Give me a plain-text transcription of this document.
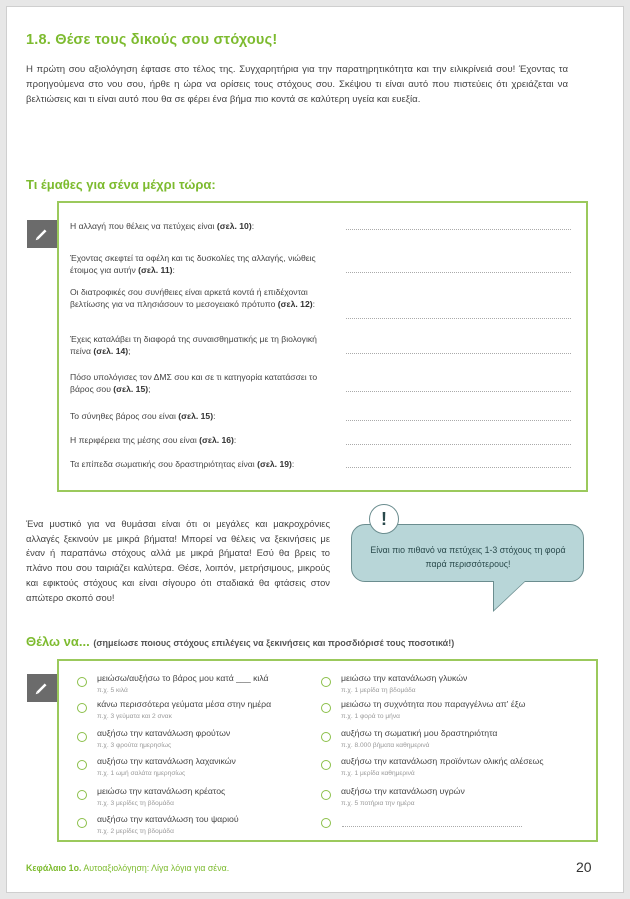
1.8. Θέσε τους δικούς σου στόχους!
Η πρώτη σου αξιολόγηση έφτασε στο τέλος της. Συγχαρητήρια για την παρατηρητικότητα και την ειλικρίνειά σου! Έχοντας τα προηγούμενα στο νου σου, ήρθε η ώρα να ορίσεις τους στόχους σου. Σκέψου τι είναι αυτό που πιστεύεις ότι χρειάζεται να βελτιώσεις και τι είναι αυτό που θα σε φέρει ένα βήμα πιο κοντά σε καλύτερη υγεία και ευεξία.
Τι έμαθες για σένα μέχρι τώρα:
Η αλλαγή που θέλεις να πετύχεις είναι (σελ. 10):
Έχοντας σκεφτεί τα οφέλη και τις δυσκολίες της αλλαγής, νιώθεις έτοιμος για αυτήν (σελ. 11):
Οι διατροφικές σου συνήθειες είναι αρκετά κοντά ή επιδέχονται βελτίωσης για να πλησιάσουν το μεσογειακό πρότυπο (σελ. 12):
Έχεις καταλάβει τη διαφορά της συναισθηματικής με τη βιολογική πείνα (σελ. 14);
Πόσο υπολόγισες τον ΔΜΣ σου και σε τι κατηγορία κατατάσσει το βάρος σου (σελ. 15);
Το σύνηθες βάρος σου είναι (σελ. 15):
Η περιφέρεια της μέσης σου είναι (σελ. 16):
Τα επίπεδα σωματικής σου δραστηριότητας είναι (σελ. 19):
Ένα μυστικό για να θυμάσαι είναι ότι οι μεγάλες και μακροχρόνιες αλλαγές ξεκινούν με μικρά βήματα! Μπορεί να θέλεις να ξεκινήσεις με έναν ή παραπάνω στόχους αλλά με μικρά βήματα! Εσύ θα βρεις το πλάνο που σου ταιριάζει καλύτερα. Θέσε, λοιπόν, μετρήσιμους, μικρούς και εφικτούς στόχους και είναι σίγουρο ότι σταδιακά θα φτάσεις στον απώτερο σκοπό σου!
!
Είναι πιο πιθανό να πετύχεις 1-3 στόχους τη φορά παρά περισσότερους!
Θέλω να... (σημείωσε ποιους στόχους επιλέγεις να ξεκινήσεις και προσδιόρισέ τους ποσοτικά!)
μειώσω/αυξήσω το βάρος μου κατά ___ κιλά
π.χ. 5 κιλά
κάνω περισσότερα γεύματα μέσα στην ημέρα
π.χ. 3 γεύματα και 2 σνακ
αυξήσω την κατανάλωση φρούτων
π.χ. 3 φρούτα ημερησίως
αυξήσω την κατανάλωση λαχανικών
π.χ. 1 ωμή σαλάτα ημερησίως
μειώσω την κατανάλωση κρέατος
π.χ. 3 μερίδες τη βδομάδα
αυξήσω την κατανάλωση του ψαριού
π.χ. 2 μερίδες τη βδομάδα
μειώσω την κατανάλωση γλυκών
π.χ. 1 μερίδα τη βδομάδα
μειώσω τη συχνότητα που παραγγέλνω απ' έξω
π.χ. 1 φορά το μήνα
αυξήσω τη σωματική μου δραστηριότητα
π.χ. 8.000 βήματα καθημερινά
αυξήσω την κατανάλωση προϊόντων ολικής αλέσεως
π.χ. 1 μερίδα καθημερινά
αυξήσω την κατανάλωση υγρών
π.χ. 5 ποτήρια την ημέρα
Κεφάλαιο 1ο. Αυτοαξιολόγηση: Λίγα λόγια για σένα.	20
